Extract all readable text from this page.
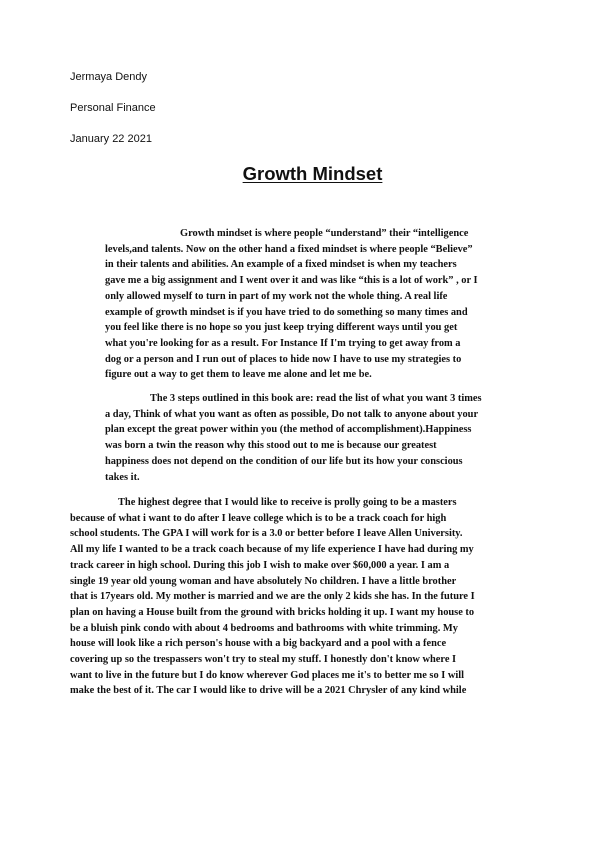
Jermaya Dendy
Personal Finance
January 22 2021
Growth Mindset
Growth mindset is where people “understand” their “intelligence
levels,and talents. Now on the other hand a fixed mindset is where people “Believe”
in their talents and abilities. An example of a fixed mindset is when my teachers
gave me a big assignment and I went over it and was like “this is a lot of work” , or I
only allowed myself to turn in part of my work not the whole thing. A real life
example of growth mindset is if you have tried to do something so many times and
you feel like there is no hope so you just keep trying different ways until you get
what you're looking for as a result. For Instance If I'm trying to get away from a
dog or a person and I run out of places to hide now I have to use my strategies to
figure out a way to get them to leave me alone and let me be.
The 3 steps outlined in this book are: read the list of what you want 3 times
a day, Think of what you want as often as possible, Do not talk to anyone about your
plan except the great power within you (the method of accomplishment).Happiness
was born a twin the reason why this stood out to me is because our greatest
happiness does not depend on the condition of our life but its how your conscious
takes it.
The highest degree that I would like to receive is prolly going to be a masters
because of what i want to do after I leave college which is to be a track coach for high
school students. The GPA I will work for is a 3.0 or better before I leave Allen University.
All my life I wanted to be a track coach because of my life experience I have had during my
track career in high school. During this job I wish to make over $60,000 a year. I am a
single 19 year old young woman and have absolutely No children. I have a little brother
that is 17years old. My mother is married and we are the only 2 kids she has. In the future I
plan on having a House built from the ground with bricks holding it up. I want my house to
be a bluish pink condo with about 4 bedrooms and bathrooms with white trimming. My
house will look like a rich person's house with a big backyard and a pool with a fence
covering up so the trespassers won't try to steal my stuff. I honestly don't know where I
want to live in the future but I do know wherever God places me it's to better me so I will
make the best of it. The car I would like to drive will be a 2021 Chrysler of any kind while
